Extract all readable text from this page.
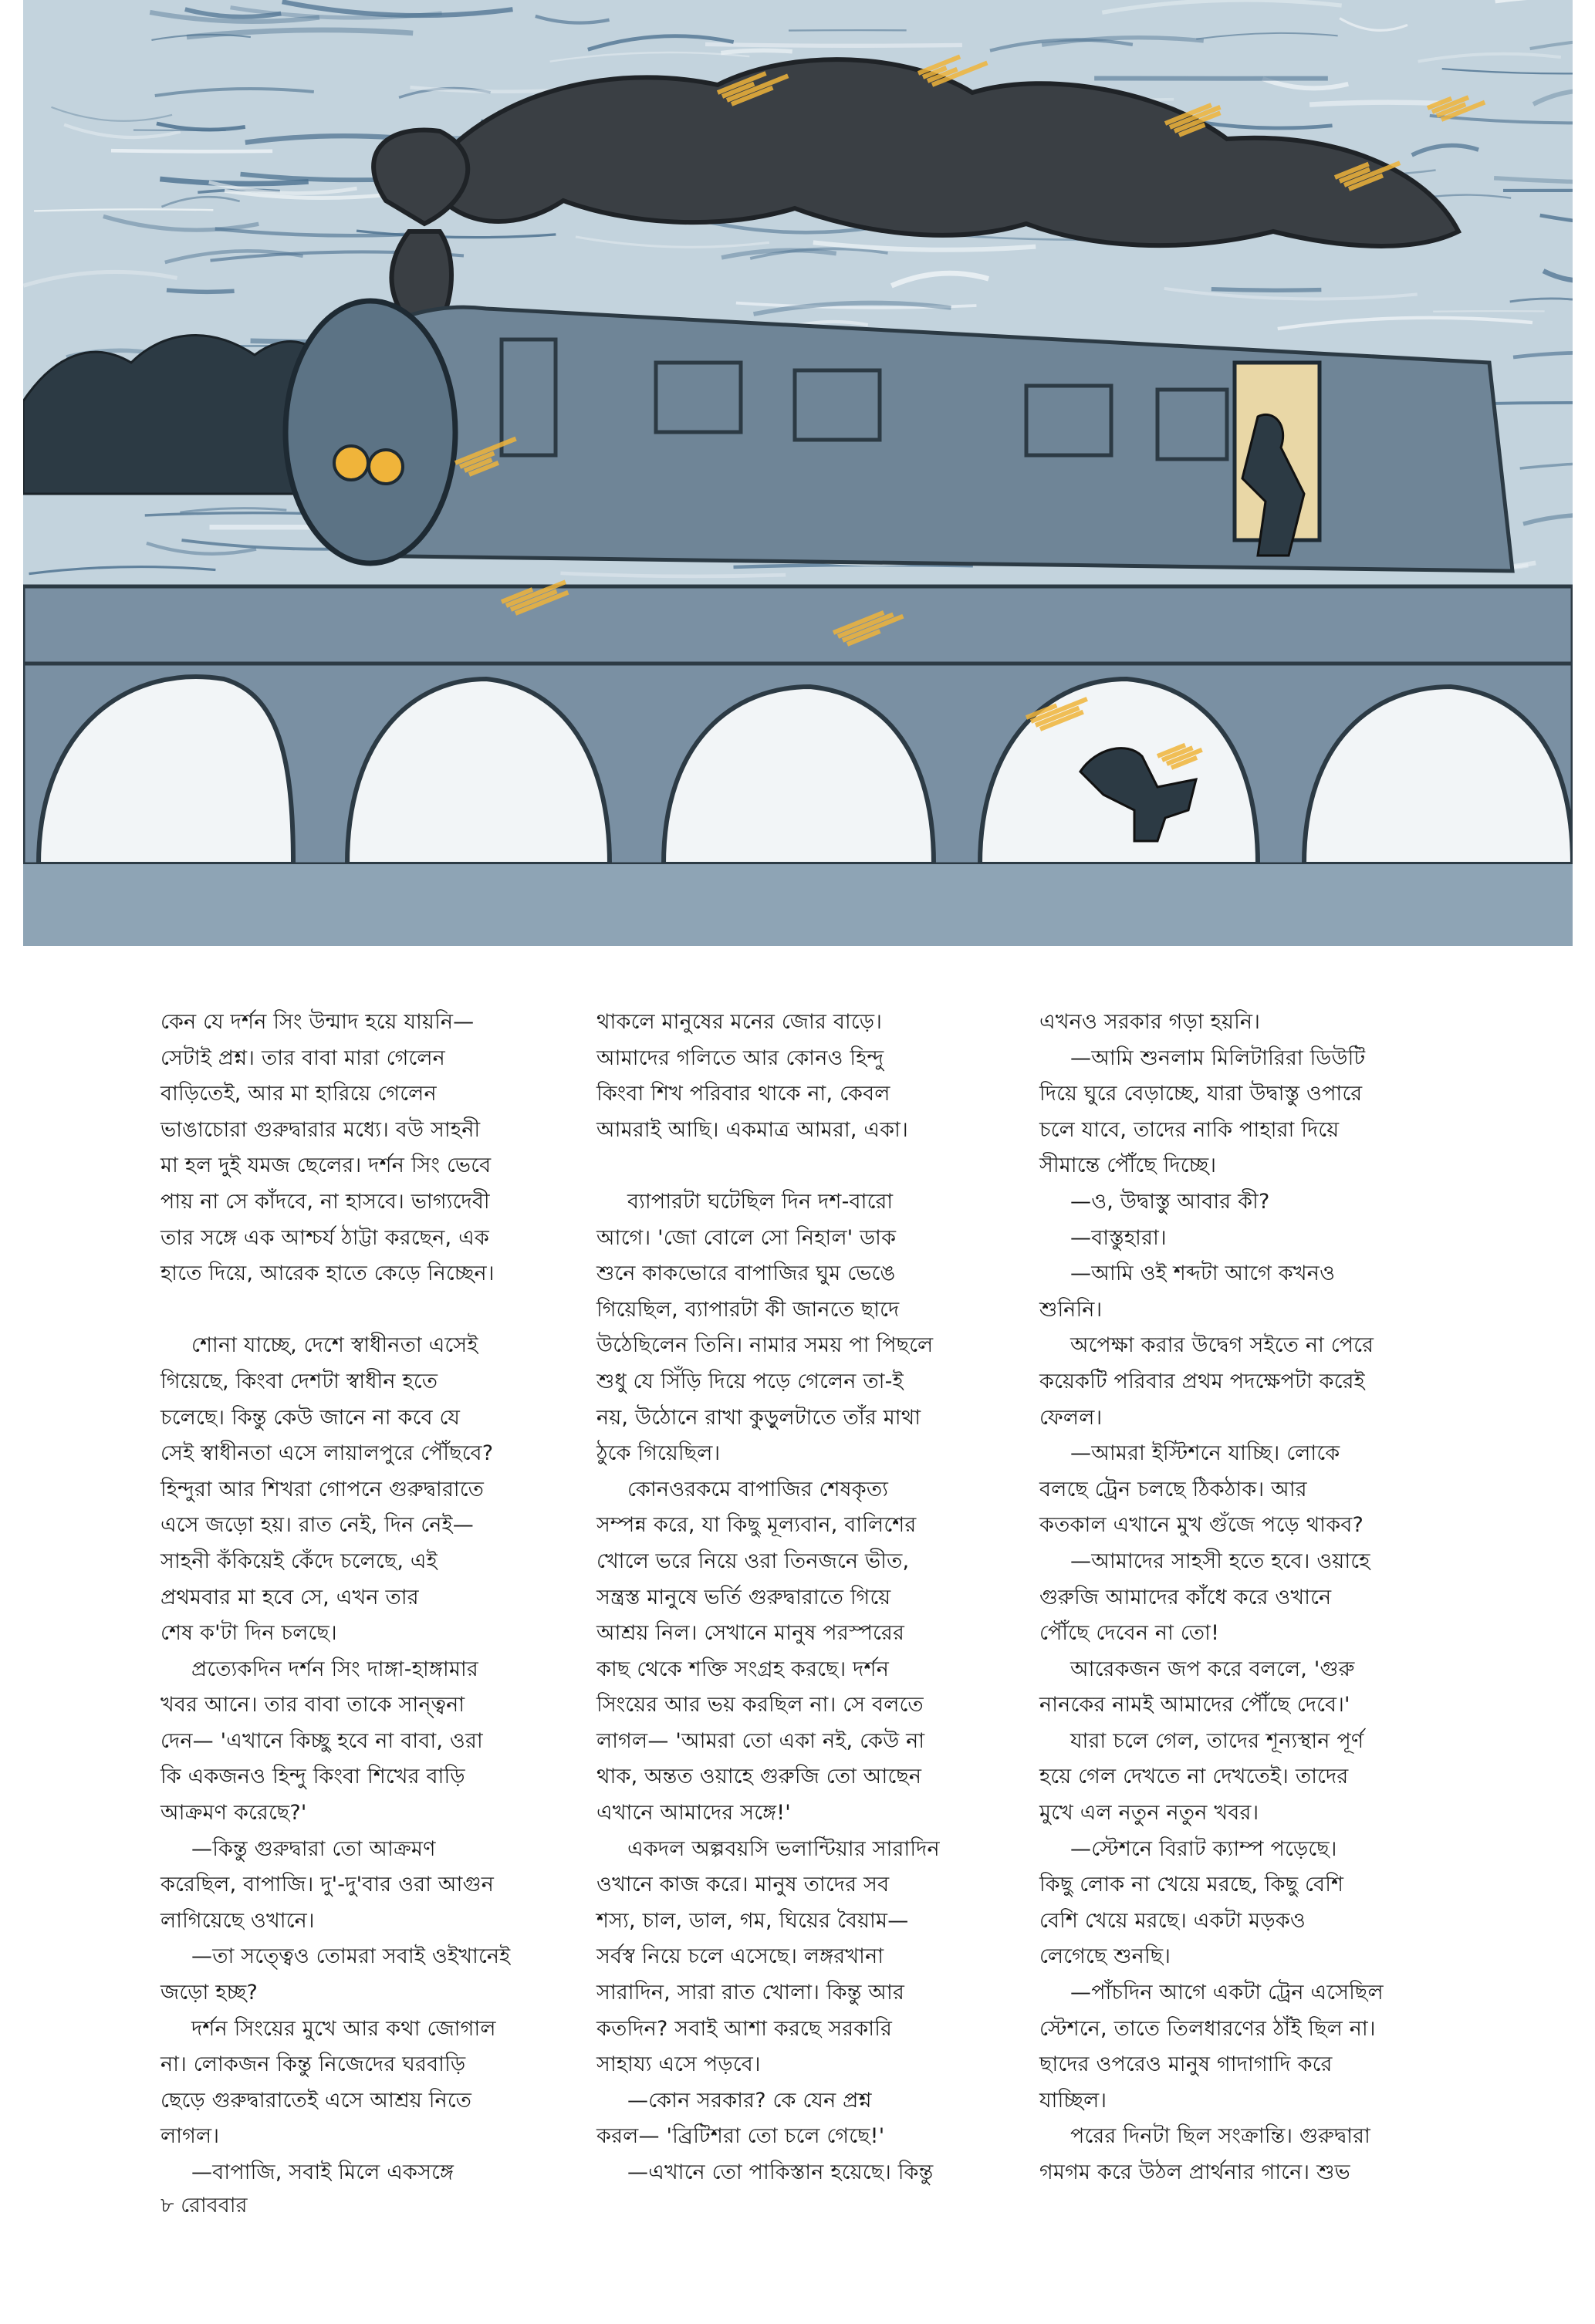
কেন যে দর্শন সিং উন্মাদ হয়ে যায়নি—
সেটাই প্রশ্ন। তার বাবা মারা গেলেন
বাড়িতেই, আর মা হারিয়ে গেলেন
ভাঙাচোরা গুরুদ্বারার মধ্যে। বউ সাহনী
মা হল দুই যমজ ছেলের। দর্শন সিং ভেবে
পায় না সে কাঁদবে, না হাসবে। ভাগ্যদেবী
তার সঙ্গে এক আশ্চর্য ঠাট্টা করছেন, এক
হাতে দিয়ে, আরেক হাতে কেড়ে নিচ্ছেন।
শোনা যাচ্ছে, দেশে স্বাধীনতা এসেই
গিয়েছে, কিংবা দেশটা স্বাধীন হতে
চলেছে। কিন্তু কেউ জানে না কবে যে
সেই স্বাধীনতা এসে লায়ালপুরে পৌঁছবে?
হিন্দুরা আর শিখরা গোপনে গুরুদ্বারাতে
এসে জড়ো হয়। রাত নেই, দিন নেই—
সাহনী কঁকিয়েই কেঁদে চলেছে, এই
প্রথমবার মা হবে সে, এখন তার
শেষ ক'টা দিন চলছে।
প্রত্যেকদিন দর্শন সিং দাঙ্গা-হাঙ্গামার
খবর আনে। তার বাবা তাকে সান্ত্বনা
দেন— 'এখানে কিচ্ছু হবে না বাবা, ওরা
কি একজনও হিন্দু কিংবা শিখের বাড়ি
আক্রমণ করেছে?'
—কিন্তু গুরুদ্বারা তো আক্রমণ
করেছিল, বাপাজি। দু'-দু'বার ওরা আগুন
লাগিয়েছে ওখানে।
—তা সত্ত্বেও তোমরা সবাই ওইখানেই
জড়ো হচ্ছ?
দর্শন সিংয়ের মুখে আর কথা জোগাল
না। লোকজন কিন্তু নিজেদের ঘরবাড়ি
ছেড়ে গুরুদ্বারাতেই এসে আশ্রয় নিতে
লাগল।
—বাপাজি, সবাই মিলে একসঙ্গে
থাকলে মানুষের মনের জোর বাড়ে।
আমাদের গলিতে আর কোনও হিন্দু
কিংবা শিখ পরিবার থাকে না, কেবল
আমরাই আছি। একমাত্র আমরা, একা।
ব্যাপারটা ঘটেছিল দিন দশ-বারো
আগে। 'জো বোলে সো নিহাল' ডাক
শুনে কাকভোরে বাপাজির ঘুম ভেঙে
গিয়েছিল, ব্যাপারটা কী জানতে ছাদে
উঠেছিলেন তিনি। নামার সময় পা পিছলে
শুধু যে সিঁড়ি দিয়ে পড়ে গেলেন তা-ই
নয়, উঠোনে রাখা কুড়ুলটাতে তাঁর মাথা
ঠুকে গিয়েছিল।
কোনওরকমে বাপাজির শেষকৃত্য
সম্পন্ন করে, যা কিছু মূল্যবান, বালিশের
খোলে ভরে নিয়ে ওরা তিনজনে ভীত,
সন্ত্রস্ত মানুষে ভর্তি গুরুদ্বারাতে গিয়ে
আশ্রয় নিল। সেখানে মানুষ পরস্পরের
কাছ থেকে শক্তি সংগ্রহ করছে। দর্শন
সিংয়ের আর ভয় করছিল না। সে বলতে
লাগল— 'আমরা তো একা নই, কেউ না
থাক, অন্তত ওয়াহে গুরুজি তো আছেন
এখানে আমাদের সঙ্গে!'
একদল অল্পবয়সি ভলান্টিয়ার সারাদিন
ওখানে কাজ করে। মানুষ তাদের সব
শস্য, চাল, ডাল, গম, ঘিয়ের বৈয়াম—
সর্বস্ব নিয়ে চলে এসেছে। লঙ্গরখানা
সারাদিন, সারা রাত খোলা। কিন্তু আর
কতদিন? সবাই আশা করছে সরকারি
সাহায্য এসে পড়বে।
—কোন সরকার? কে যেন প্রশ্ন
করল— 'ব্রিটিশরা তো চলে গেছে!'
—এখানে তো পাকিস্তান হয়েছে। কিন্তু
এখনও সরকার গড়া হয়নি।
—আমি শুনলাম মিলিটারিরা ডিউটি
দিয়ে ঘুরে বেড়াচ্ছে, যারা উদ্বাস্তু ওপারে
চলে যাবে, তাদের নাকি পাহারা দিয়ে
সীমান্তে পৌঁছে দিচ্ছে।
—ও, উদ্বাস্তু আবার কী?
—বাস্তুহারা।
—আমি ওই শব্দটা আগে কখনও
শুনিনি।
অপেক্ষা করার উদ্বেগ সইতে না পেরে
কয়েকটি পরিবার প্রথম পদক্ষেপটা করেই
ফেলল।
—আমরা ইস্টিশনে যাচ্ছি। লোকে
বলছে ট্রেন চলছে ঠিকঠাক। আর
কতকাল এখানে মুখ গুঁজে পড়ে থাকব?
—আমাদের সাহসী হতে হবে। ওয়াহে
গুরুজি আমাদের কাঁধে করে ওখানে
পৌঁছে দেবেন না তো!
আরেকজন জপ করে বললে, 'গুরু
নানকের নামই আমাদের পৌঁছে দেবে।'
যারা চলে গেল, তাদের শূন্যস্থান পূর্ণ
হয়ে গেল দেখতে না দেখতেই। তাদের
মুখে এল নতুন নতুন খবর।
—স্টেশনে বিরাট ক্যাম্প পড়েছে।
কিছু লোক না খেয়ে মরছে, কিছু বেশি
বেশি খেয়ে মরছে। একটা মড়কও
লেগেছে শুনছি।
—পাঁচদিন আগে একটা ট্রেন এসেছিল
স্টেশনে, তাতে তিলধারণের ঠাঁই ছিল না।
ছাদের ওপরেও মানুষ গাদাগাদি করে
যাচ্ছিল।
পরের দিনটা ছিল সংক্রান্তি। গুরুদ্বারা
গমগম করে উঠল প্রার্থনার গানে। শুভ
৮ রোববার
